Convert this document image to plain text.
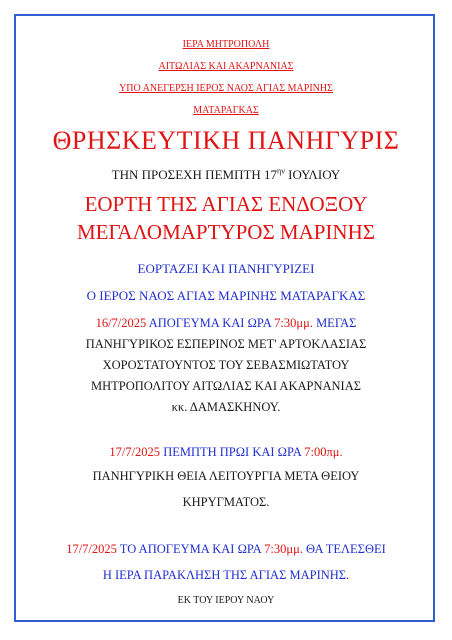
ΙΕΡΑ ΜΗΤΡΟΠΟΛΗ
ΑΙΤΩΛΙΑΣ ΚΑΙ ΑΚΑΡΝΑΝΙΑΣ
ΥΠΟ ΑΝΕΓΕΡΣΗ ΙΕΡΟΣ ΝΑΟΣ ΑΓΙΑΣ ΜΑΡΙΝΗΣ
ΜΑΤΑΡΑΓΚΑΣ
ΘΡΗΣΚΕΥΤΙΚΗ ΠΑΝΗΓΥΡΙΣ
ΤΗΝ ΠΡΟΣΕΧΗ ΠΕΜΠΤΗ $17^{\eta\nu}$ ΙΟΥΛΙΟΥ
ΕΟΡΤΗ ΤΗΣ ΑΓΙΑΣ ΕΝΔΟΞΟΥ
ΜΕΓΑΛΟΜΑΡΤΥΡΟΣ ΜΑΡΙΝΗΣ
ΕΟΡΤΑΖΕΙ ΚΑΙ ΠΑΝΗΓΥΡΙΖΕΙ
Ο ΙΕΡΟΣ ΝΑΟΣ ΑΓΙΑΣ ΜΑΡΙΝΗΣ ΜΑΤΑΡΑΓΚΑΣ
16/7/2025 ΑΠΟΓΕΥΜΑ ΚΑΙ ΩΡΑ 7:30μμ. ΜΕΓΑΣ
ΠΑΝΗΓΥΡΙΚΟΣ ΕΣΠΕΡΙΝΟΣ ΜΕΤ' ΑΡΤΟΚΛΑΣΙΑΣ
ΧΟΡΟΣΤΑΤΟΥΝΤΟΣ ΤΟΥ ΣΕΒΑΣΜΙΩΤΑΤΟΥ
ΜΗΤΡΟΠΟΛΙΤΟΥ ΑΙΤΩΛΙΑΣ ΚΑΙ ΑΚΑΡΝΑΝΙΑΣ
κκ. ΔΑΜΑΣΚΗΝΟΥ.
17/7/2025 ΠΕΜΠΤΗ ΠΡΩΙ ΚΑΙ ΩΡΑ 7:00πμ.
ΠΑΝΗΓΥΡΙΚΗ ΘΕΙΑ ΛΕΙΤΟΥΡΓΙΑ ΜΕΤΑ ΘΕΙΟΥ
ΚΗΡΥΓΜΑΤΟΣ.
17/7/2025 ΤΟ ΑΠΟΓΕΥΜΑ ΚΑΙ ΩΡΑ 7:30μμ. ΘΑ ΤΕΛΕΣΘΕΙ
Η ΙΕΡΑ ΠΑΡΑΚΛΗΣΗ ΤΗΣ ΑΓΙΑΣ ΜΑΡΙΝΗΣ.
ΕΚ ΤΟΥ ΙΕΡΟΥ ΝΑΟΥ
